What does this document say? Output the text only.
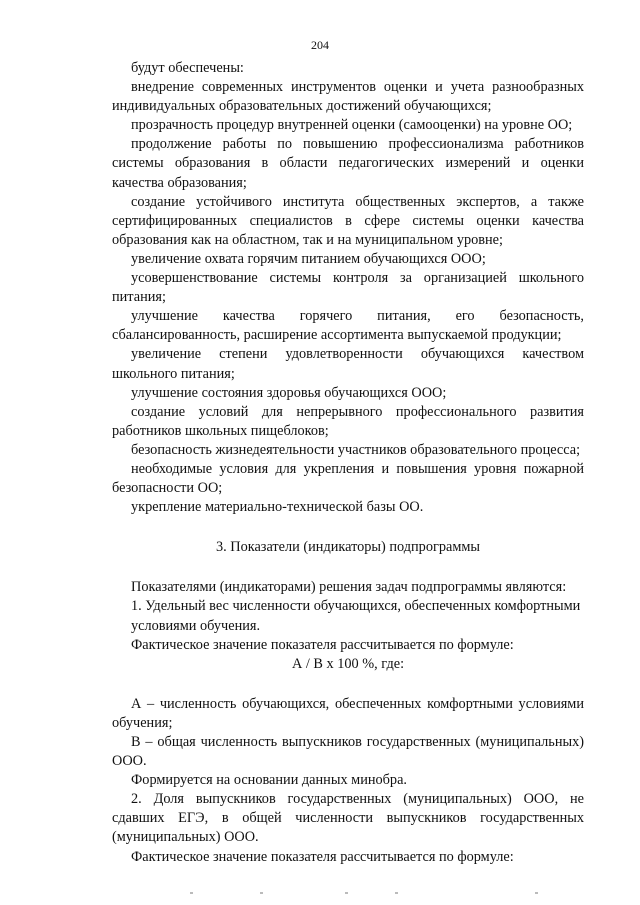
204

будут обеспечены:

внедрение современных инструментов оценки и учета разнообразных индивидуальных образовательных достижений обучающихся;

прозрачность процедур внутренней оценки (самооценки) на уровне ОО;

продолжение работы по повышению профессионализма работников системы образования в области педагогических измерений и оценки качества образования;

создание устойчивого института общественных экспертов, а также сертифицированных специалистов в сфере системы оценки качества образования как на областном, так и на муниципальном уровне;

увеличение охвата горячим питанием обучающихся ООО;

усовершенствование системы контроля за организацией школьного питания;

улучшение качества горячего питания, его безопасность, сбалансированность, расширение ассортимента выпускаемой продукции;

увеличение степени удовлетворенности обучающихся качеством школьного питания;

улучшение состояния здоровья обучающихся ООО;

создание условий для непрерывного профессионального развития работников школьных пищеблоков;

безопасность жизнедеятельности участников образовательного процесса;

необходимые условия для укрепления и повышения уровня пожарной безопасности ОО;

укрепление материально-технической базы ОО.

3. Показатели (индикаторы) подпрограммы

Показателями (индикаторами) решения задач подпрограммы являются:

1. Удельный вес численности обучающихся, обеспеченных комфортными

условиями обучения.

Фактическое значение показателя рассчитывается по формуле:

А / В х 100 %, где:

А – численность обучающихся, обеспеченных комфортными условиями обучения;

В – общая численность выпускников государственных (муниципальных) ООО.

Формируется на основании данных минобра.

2. Доля выпускников государственных (муниципальных) ООО, не сдавших ЕГЭ, в общей численности выпускников государственных (муниципальных) ООО.

Фактическое значение показателя рассчитывается по формуле:
